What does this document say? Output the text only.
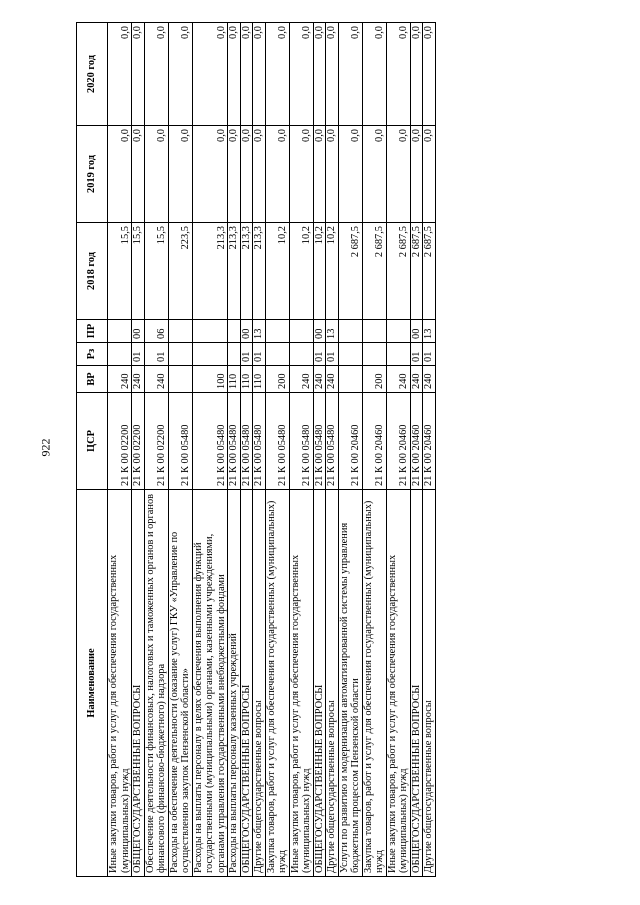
922
Наименование	ЦСР	ВР	Рз	ПР	2018 год	2019 год	2020 год
Иные закупки товаров, работ и услуг для обеспечения государственных (муниципальных) нужд	21 К 00 02200	240			15,5	0,0	0,0
ОБЩЕГОСУДАРСТВЕННЫЕ ВОПРОСЫ	21 К 00 02200	240	01	00	15,5	0,0	0,0
Обеспечение деятельности финансовых, налоговых и таможенных органов и органов финансового (финансово-бюджетного) надзора	21 К 00 02200	240	01	06	15,5	0,0	0,0
Расходы на обеспечение деятельности (оказание услуг) ГКУ «Управление по осуществлению закупок Пензенской области»	21 К 00 05480				223,5	0,0	0,0
Расходы на выплаты персоналу в целях обеспечения выполнения функций государственными (муниципальными) органами, казенными учреждениями, органами управления государственными внебюджетными фондами	21 К 00 05480	100			213,3	0,0	0,0
Расходы на выплаты персоналу казенных учреждений	21 К 00 05480	110			213,3	0,0	0,0
ОБЩЕГОСУДАРСТВЕННЫЕ ВОПРОСЫ	21 К 00 05480	110	01	00	213,3	0,0	0,0
Другие общегосударственные вопросы	21 К 00 05480	110	01	13	213,3	0,0	0,0
Закупка товаров, работ и услуг для обеспечения государственных (муниципальных) нужд	21 К 00 05480	200			10,2	0,0	0,0
Иные закупки товаров, работ и услуг для обеспечения государственных (муниципальных) нужд	21 К 00 05480	240			10,2	0,0	0,0
ОБЩЕГОСУДАРСТВЕННЫЕ ВОПРОСЫ	21 К 00 05480	240	01	00	10,2	0,0	0,0
Другие общегосударственные вопросы	21 К 00 05480	240	01	13	10,2	0,0	0,0
Услуги по развитию и модернизации автоматизированной системы управления бюджетным процессом Пензенской области	21 К 00 20460				2 687,5	0,0	0,0
Закупка товаров, работ и услуг для обеспечения государственных (муниципальных) нужд	21 К 00 20460	200			2 687,5	0,0	0,0
Иные закупки товаров, работ и услуг для обеспечения государственных (муниципальных) нужд	21 К 00 20460	240			2 687,5	0,0	0,0
ОБЩЕГОСУДАРСТВЕННЫЕ ВОПРОСЫ	21 К 00 20460	240	01	00	2 687,5	0,0	0,0
Другие общегосударственные вопросы	21 К 00 20460	240	01	13	2 687,5	0,0	0,0
